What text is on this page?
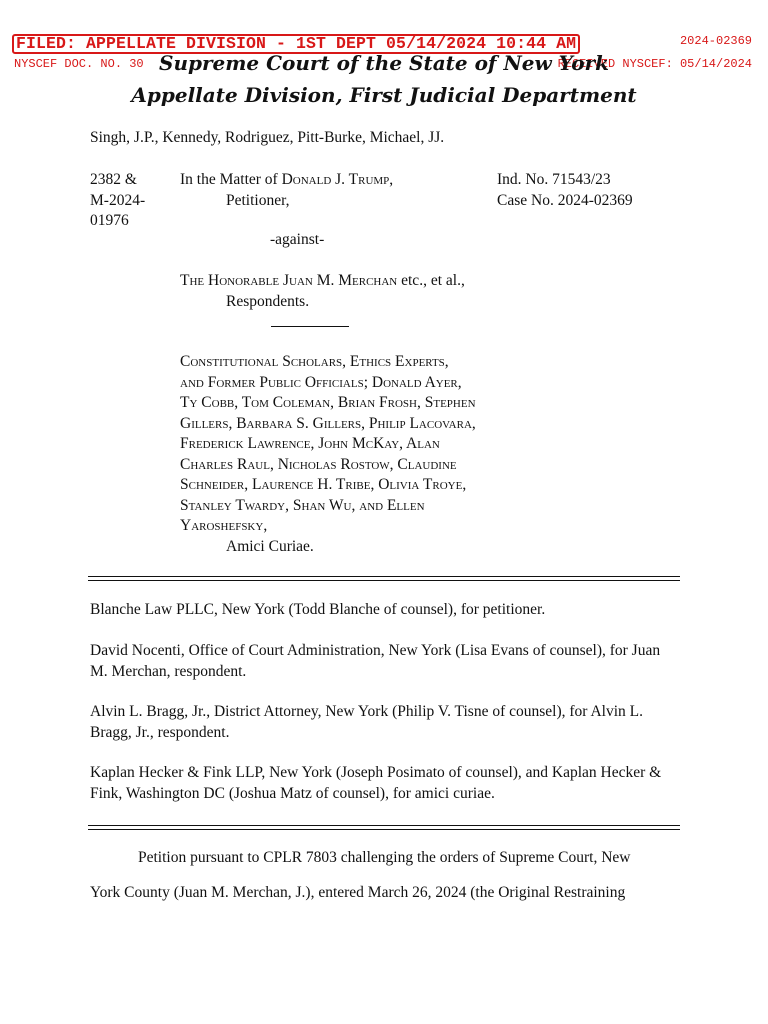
FILED: APPELLATE DIVISION - 1ST DEPT 05/14/2024 10:44 AM	2024-02369
NYSCEF DOC. NO. 30	RECEIVED NYSCEF: 05/14/2024
Supreme Court of the State of New York
Appellate Division, First Judicial Department
Singh, J.P., Kennedy, Rodriguez, Pitt-Burke, Michael, JJ.
2382 &
M-2024-
01976
In the Matter of Donald J. Trump,
Petitioner,
Ind. No. 71543/23
Case No. 2024-02369
-against-
The Honorable Juan M. Merchan etc., et al.,
Respondents.
Constitutional Scholars, Ethics Experts,
and Former Public Officials; Donald Ayer,
Ty Cobb, Tom Coleman, Brian Frosh, Stephen
Gillers, Barbara S. Gillers, Philip Lacovara,
Frederick Lawrence, John McKay, Alan
Charles Raul, Nicholas Rostow, Claudine
Schneider, Laurence H. Tribe, Olivia Troye,
Stanley Twardy, Shan Wu, and Ellen
Yaroshefsky,
Amici Curiae.
Blanche Law PLLC, New York (Todd Blanche of counsel), for petitioner.
David Nocenti, Office of Court Administration, New York (Lisa Evans of counsel), for Juan M. Merchan, respondent.
Alvin L. Bragg, Jr., District Attorney, New York (Philip V. Tisne of counsel), for Alvin L. Bragg, Jr., respondent.
Kaplan Hecker & Fink LLP, New York (Joseph Posimato of counsel), and Kaplan Hecker & Fink, Washington DC (Joshua Matz of counsel), for amici curiae.
Petition pursuant to CPLR 7803 challenging the orders of Supreme Court, New
York County (Juan M. Merchan, J.), entered March 26, 2024 (the Original Restraining
